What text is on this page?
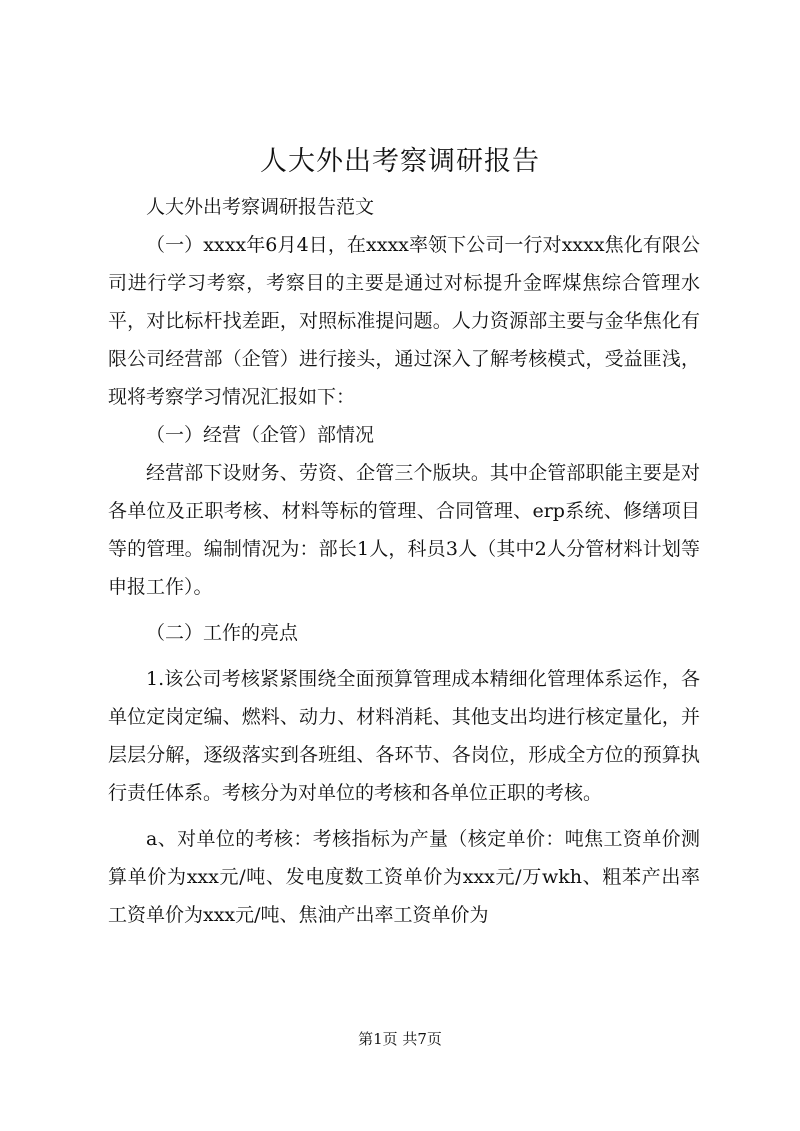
人大外出考察调研报告

人大外出考察调研报告范文

（一）xxxx年6月4日，在xxxx率领下公司一行对xxxx焦化有限公司进行学习考察，考察目的主要是通过对标提升金晖煤焦综合管理水平，对比标杆找差距，对照标准提问题。人力资源部主要与金华焦化有限公司经营部（企管）进行接头，通过深入了解考核模式，受益匪浅，现将考察学习情况汇报如下：

（一）经营（企管）部情况

经营部下设财务、劳资、企管三个版块。其中企管部职能主要是对各单位及正职考核、材料等标的管理、合同管理、erp系统、修缮项目等的管理。编制情况为：部长1人，科员3人（其中2人分管材料计划等申报工作）。

（二）工作的亮点

1.该公司考核紧紧围绕全面预算管理成本精细化管理体系运作，各单位定岗定编、燃料、动力、材料消耗、其他支出均进行核定量化，并层层分解，逐级落实到各班组、各环节、各岗位，形成全方位的预算执行责任体系。考核分为对单位的考核和各单位正职的考核。

a、对单位的考核：考核指标为产量（核定单价：吨焦工资单价测算单价为xxx元/吨、发电度数工资单价为xxx元/万wkh、粗苯产出率工资单价为xxx元/吨、焦油产出率工资单价为

第1页 共7页
